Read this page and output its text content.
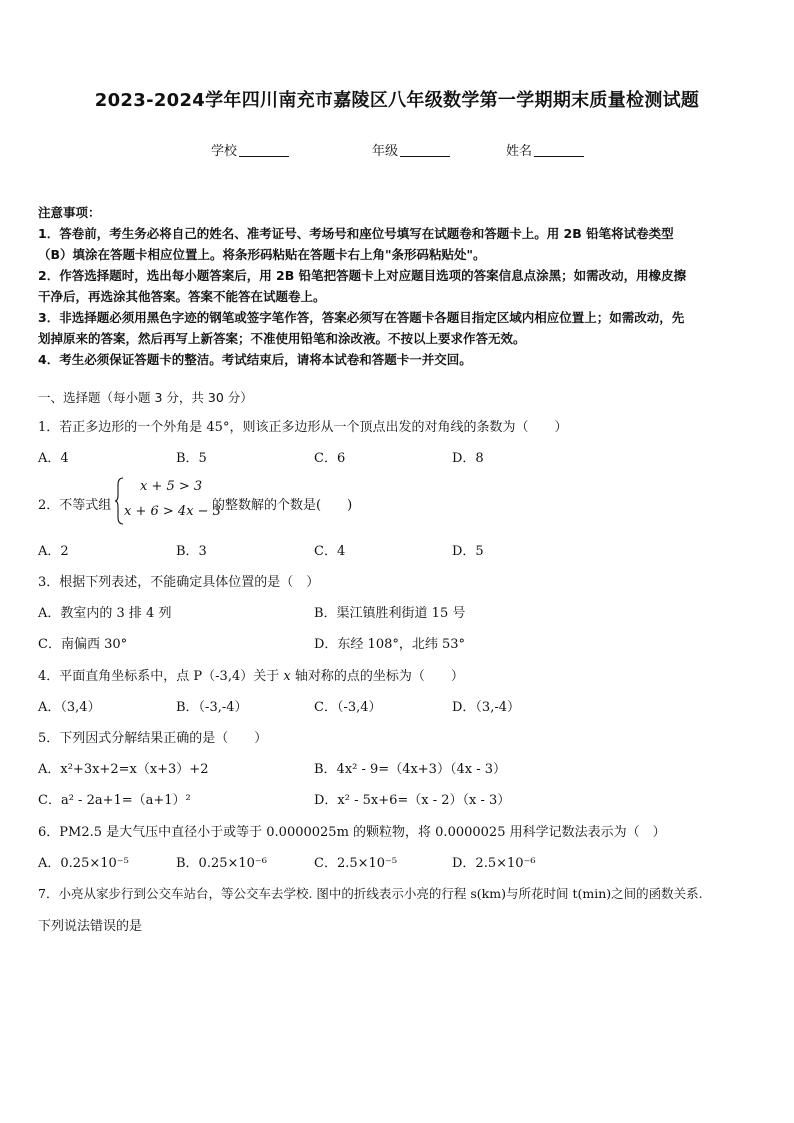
2023-2024学年四川南充市嘉陵区八年级数学第一学期期末质量检测试题
学校	年级	姓名
注意事项：
1．答卷前，考生务必将自己的姓名、准考证号、考场号和座位号填写在试题卷和答题卡上。用 2B 铅笔将试卷类型
（B）填涂在答题卡相应位置上。将条形码粘贴在答题卡右上角"条形码粘贴处"。
2．作答选择题时，选出每小题答案后，用 2B 铅笔把答题卡上对应题目选项的答案信息点涂黑；如需改动，用橡皮擦
干净后，再选涂其他答案。答案不能答在试题卷上。
3．非选择题必须用黑色字迹的钢笔或签字笔作答，答案必须写在答题卡各题目指定区域内相应位置上；如需改动，先
划掉原来的答案，然后再写上新答案；不准使用铅笔和涂改液。不按以上要求作答无效。
4．考生必须保证答题卡的整洁。考试结束后，请将本试卷和答题卡一并交回。
一、选择题（每小题 3 分，共 30 分）
1．若正多边形的一个外角是 45°，则该正多边形从一个顶点出发的对角线的条数为（　　）
A．4	B．5	C．6	D．8
2．不等式组
x + 5 > 3
x + 6 > 4x − 3
的整数解的个数是(　　)
A．2	B．3	C．4	D．5
3．根据下列表述，不能确定具体位置的是（　）
A．教室内的 3 排 4 列	B．渠江镇胜利街道 15 号
C．南偏西 30°	D．东经 108°，北纬 53°
4．平面直角坐标系中，点 P（-3,4）关于 x 轴对称的点的坐标为（　　）
A．（3,4）	B．（-3,-4）	C．（-3,4）	D．（3,-4）
5．下列因式分解结果正确的是（　　）
A．x²+3x+2=x（x+3）+2	B．4x² - 9=（4x+3）（4x - 3）
C．a² - 2a+1=（a+1）²	D．x² - 5x+6=（x - 2）（x - 3）
6．PM2.5 是大气压中直径小于或等于 0.0000025m 的颗粒物，将 0.0000025 用科学记数法表示为（　）
A．0.25×10⁻⁵	B．0.25×10⁻⁶	C．2.5×10⁻⁵	D．2.5×10⁻⁶
7．小亮从家步行到公交车站台，等公交车去学校. 图中的折线表示小亮的行程 s(km)与所花时间 t(min)之间的函数关系.
下列说法错误的是
